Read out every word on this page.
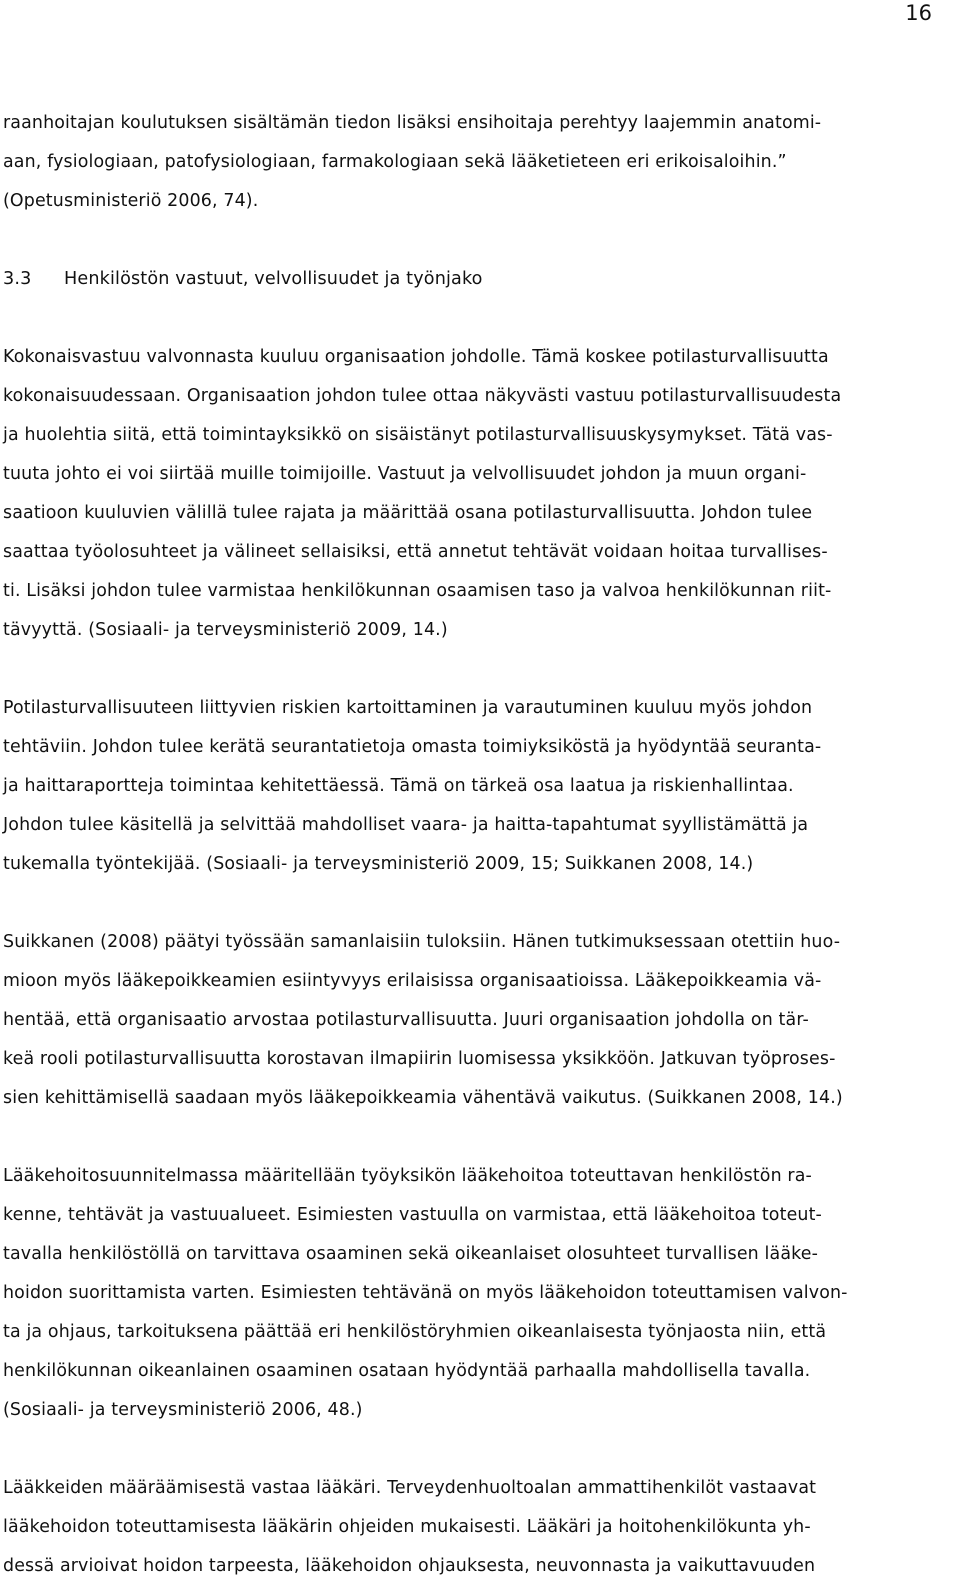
16
raanhoitajan koulutuksen sisältämän tiedon lisäksi ensihoitaja perehtyy laajemmin anatomi-
aan, fysiologiaan, patofysiologiaan, farmakologiaan sekä lääketieteen eri erikoisaloihin.”
(Opetusministeriö 2006, 74).
3.3 Henkilöstön vastuut, velvollisuudet ja työnjako
Kokonaisvastuu valvonnasta kuuluu organisaation johdolle. Tämä koskee potilasturvallisuutta
kokonaisuudessaan. Organisaation johdon tulee ottaa näkyvästi vastuu potilasturvallisuudesta
ja huolehtia siitä, että toimintayksikkö on sisäistänyt potilasturvallisuuskysymykset. Tätä vas-
tuuta johto ei voi siirtää muille toimijoille. Vastuut ja velvollisuudet johdon ja muun organi-
saatioon kuuluvien välillä tulee rajata ja määrittää osana potilasturvallisuutta. Johdon tulee
saattaa työolosuhteet ja välineet sellaisiksi, että annetut tehtävät voidaan hoitaa turvallises-
ti. Lisäksi johdon tulee varmistaa henkilökunnan osaamisen taso ja valvoa henkilökunnan riit-
tävyyttä. (Sosiaali- ja terveysministeriö 2009, 14.)
Potilasturvallisuuteen liittyvien riskien kartoittaminen ja varautuminen kuuluu myös johdon
tehtäviin. Johdon tulee kerätä seurantatietoja omasta toimiyksiköstä ja hyödyntää seuranta-
ja haittaraportteja toimintaa kehitettäessä. Tämä on tärkeä osa laatua ja riskienhallintaa.
Johdon tulee käsitellä ja selvittää mahdolliset vaara- ja haitta-tapahtumat syyllistämättä ja
tukemalla työntekijää. (Sosiaali- ja terveysministeriö 2009, 15; Suikkanen 2008, 14.)
Suikkanen (2008) päätyi työssään samanlaisiin tuloksiin. Hänen tutkimuksessaan otettiin huo-
mioon myös lääkepoikkeamien esiintyvyys erilaisissa organisaatioissa. Lääkepoikkeamia vä-
hentää, että organisaatio arvostaa potilasturvallisuutta. Juuri organisaation johdolla on tär-
keä rooli potilasturvallisuutta korostavan ilmapiirin luomisessa yksikköön. Jatkuvan työproses-
sien kehittämisellä saadaan myös lääkepoikkeamia vähentävä vaikutus. (Suikkanen 2008, 14.)
Lääkehoitosuunnitelmassa määritellään työyksikön lääkehoitoa toteuttavan henkilöstön ra-
kenne, tehtävät ja vastuualueet. Esimiesten vastuulla on varmistaa, että lääkehoitoa toteut-
tavalla henkilöstöllä on tarvittava osaaminen sekä oikeanlaiset olosuhteet turvallisen lääke-
hoidon suorittamista varten. Esimiesten tehtävänä on myös lääkehoidon toteuttamisen valvon-
ta ja ohjaus, tarkoituksena päättää eri henkilöstöryhmien oikeanlaisesta työnjaosta niin, että
henkilökunnan oikeanlainen osaaminen osataan hyödyntää parhaalla mahdollisella tavalla.
(Sosiaali- ja terveysministeriö 2006, 48.)
Lääkkeiden määräämisestä vastaa lääkäri. Terveydenhuoltoalan ammattihenkilöt vastaavat
lääkehoidon toteuttamisesta lääkärin ohjeiden mukaisesti. Lääkäri ja hoitohenkilökunta yh-
dessä arvioivat hoidon tarpeesta, lääkehoidon ohjauksesta, neuvonnasta ja vaikuttavuuden
